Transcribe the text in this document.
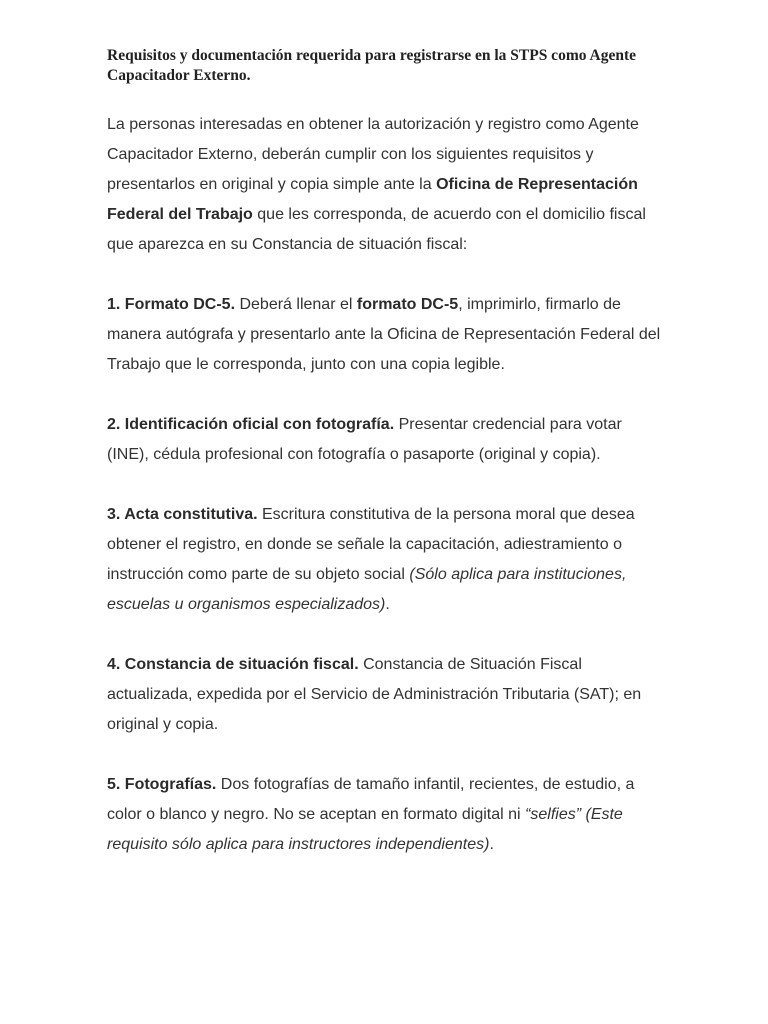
Requisitos y documentación requerida para registrarse en la STPS como Agente Capacitador Externo.

La personas interesadas en obtener la autorización y registro como Agente Capacitador Externo, deberán cumplir con los siguientes requisitos y presentarlos en original y copia simple ante la Oficina de Representación Federal del Trabajo que les corresponda, de acuerdo con el domicilio fiscal que aparezca en su Constancia de situación fiscal:

1. Formato DC-5. Deberá llenar el formato DC-5, imprimirlo, firmarlo de manera autógrafa y presentarlo ante la Oficina de Representación Federal del Trabajo que le corresponda, junto con una copia legible.

2. Identificación oficial con fotografía. Presentar credencial para votar (INE), cédula profesional con fotografía o pasaporte (original y copia).

3. Acta constitutiva. Escritura constitutiva de la persona moral que desea obtener el registro, en donde se señale la capacitación, adiestramiento o instrucción como parte de su objeto social (Sólo aplica para instituciones, escuelas u organismos especializados).

4. Constancia de situación fiscal. Constancia de Situación Fiscal actualizada, expedida por el Servicio de Administración Tributaria (SAT); en original y copia.

5. Fotografías. Dos fotografías de tamaño infantil, recientes, de estudio, a color o blanco y negro. No se aceptan en formato digital ni “selfies” (Este requisito sólo aplica para instructores independientes).
